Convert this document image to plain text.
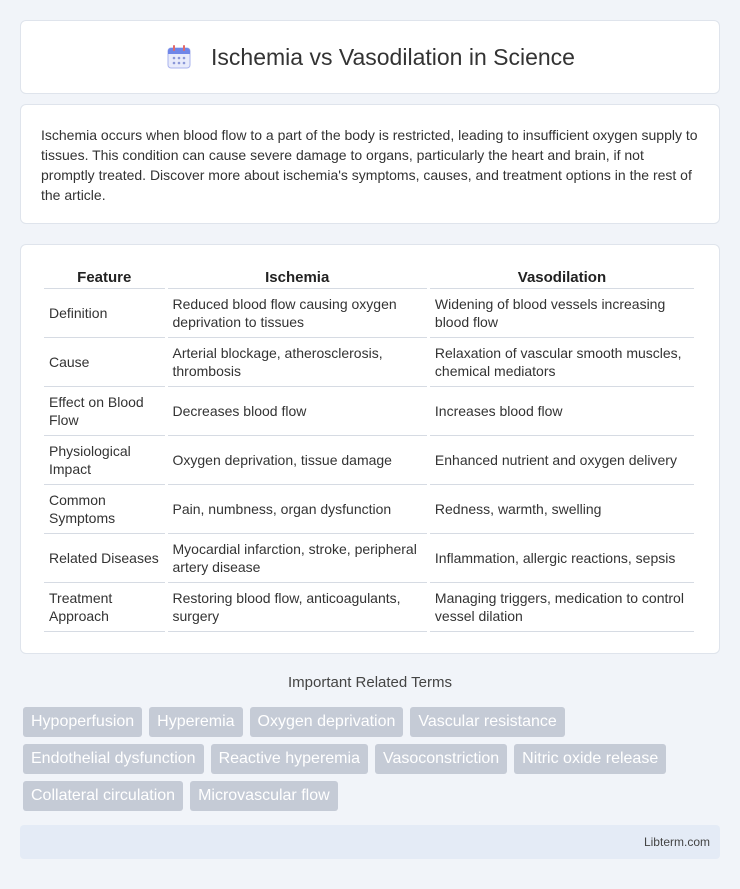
Ischemia vs Vasodilation in Science

Ischemia occurs when blood flow to a part of the body is restricted, leading to insufficient oxygen supply to tissues. This condition can cause severe damage to organs, particularly the heart and brain, if not promptly treated. Discover more about ischemia's symptoms, causes, and treatment options in the rest of the article.

Feature	Ischemia	Vasodilation
Definition	Reduced blood flow causing oxygen deprivation to tissues	Widening of blood vessels increasing blood flow
Cause	Arterial blockage, atherosclerosis, thrombosis	Relaxation of vascular smooth muscles, chemical mediators
Effect on Blood Flow	Decreases blood flow	Increases blood flow
Physiological Impact	Oxygen deprivation, tissue damage	Enhanced nutrient and oxygen delivery
Common Symptoms	Pain, numbness, organ dysfunction	Redness, warmth, swelling
Related Diseases	Myocardial infarction, stroke, peripheral artery disease	Inflammation, allergic reactions, sepsis
Treatment Approach	Restoring blood flow, anticoagulants, surgery	Managing triggers, medication to control vessel dilation
Important Related Terms
Hypoperfusion	Hyperemia	Oxygen deprivation	Vascular resistance
Endothelial dysfunction	Reactive hyperemia	Vasoconstriction	Nitric oxide release
Collateral circulation	Microvascular flow
Libterm.com
